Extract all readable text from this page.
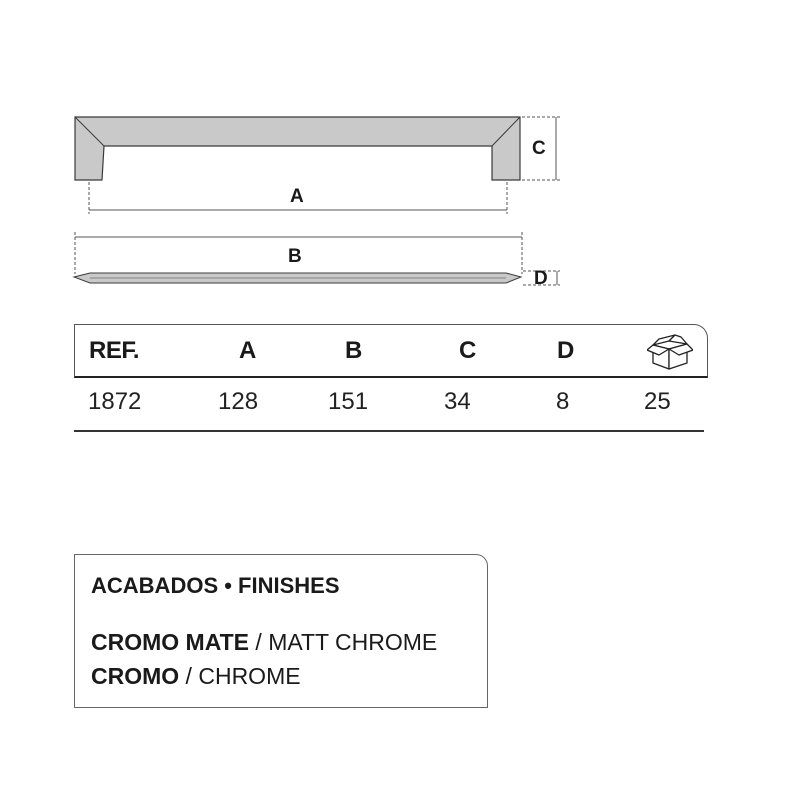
C
A
B
D
REF.	A	B	C	D
1872	128	151	34	8	25
ACABADOS • FINISHES
CROMO MATE / MATT CHROME
CROMO / CHROME
